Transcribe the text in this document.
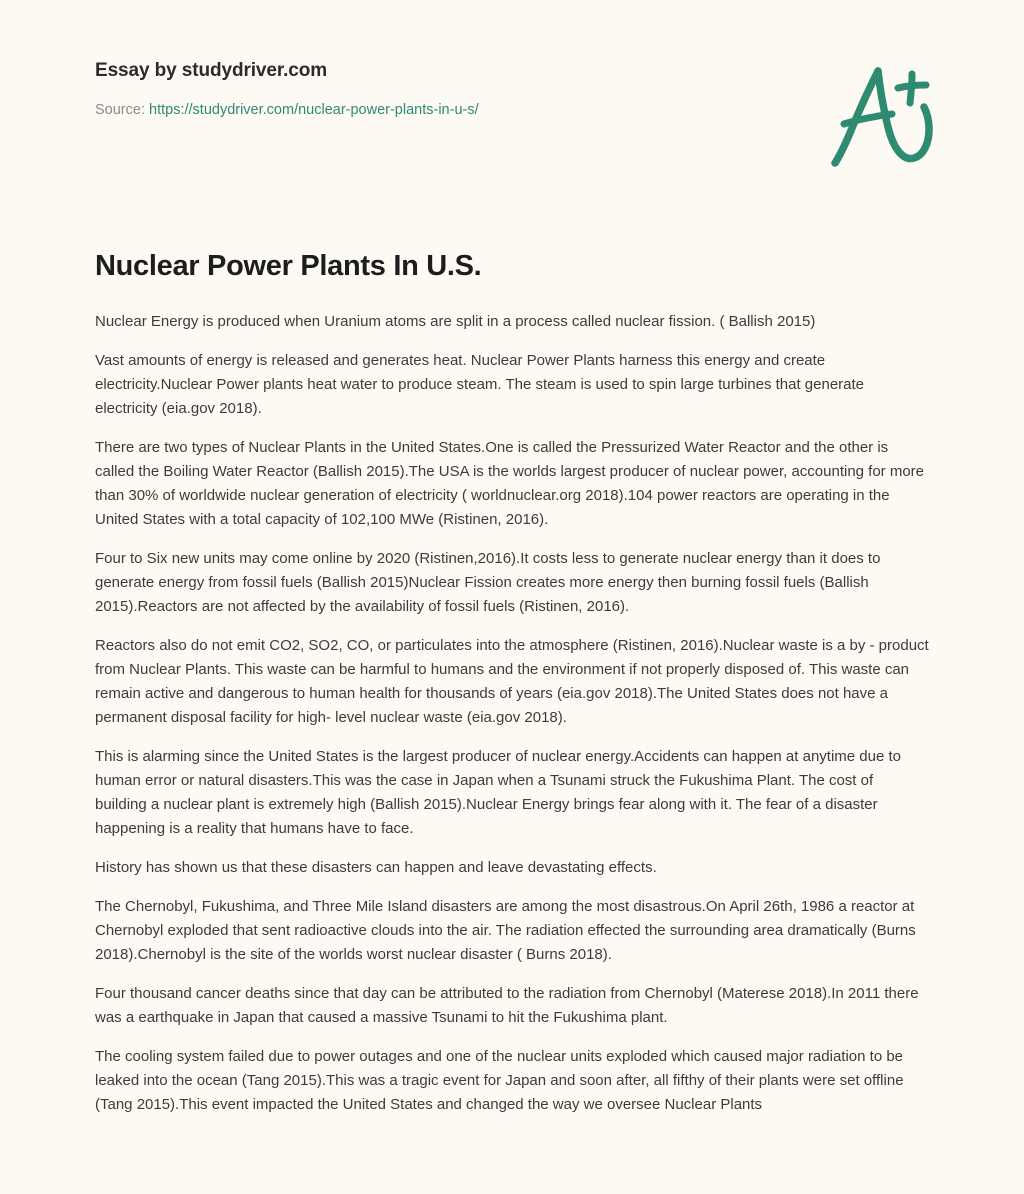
Essay by studydriver.com
Source: https://studydriver.com/nuclear-power-plants-in-u-s/
Nuclear Power Plants In U.S.

Nuclear Energy is produced when Uranium atoms are split in a process called nuclear fission. ( Ballish 2015)

Vast amounts of energy is released and generates heat. Nuclear Power Plants harness this energy and create electricity.Nuclear Power plants heat water to produce steam. The steam is used to spin large turbines that generate electricity (eia.gov 2018).

There are two types of Nuclear Plants in the United States.One is called the Pressurized Water Reactor and the other is called the Boiling Water Reactor (Ballish 2015).The USA is the worlds largest producer of nuclear power, accounting for more than 30% of worldwide nuclear generation of electricity ( worldnuclear.org 2018).104 power reactors are operating in the United States with a total capacity of 102,100 MWe (Ristinen, 2016).

Four to Six new units may come online by 2020 (Ristinen,2016).It costs less to generate nuclear energy than it does to generate energy from fossil fuels (Ballish 2015)Nuclear Fission creates more energy then burning fossil fuels (Ballish 2015).Reactors are not affected by the availability of fossil fuels (Ristinen, 2016).

Reactors also do not emit CO2, SO2, CO, or particulates into the atmosphere (Ristinen, 2016).Nuclear waste is a by - product from Nuclear Plants. This waste can be harmful to humans and the environment if not properly disposed of. This waste can remain active and dangerous to human health for thousands of years (eia.gov 2018).The United States does not have a permanent disposal facility for high- level nuclear waste (eia.gov 2018).

This is alarming since the United States is the largest producer of nuclear energy.Accidents can happen at anytime due to human error or natural disasters.This was the case in Japan when a Tsunami struck the Fukushima Plant. The cost of building a nuclear plant is extremely high (Ballish 2015).Nuclear Energy brings fear along with it. The fear of a disaster happening is a reality that humans have to face.

History has shown us that these disasters can happen and leave devastating effects.

The Chernobyl, Fukushima, and Three Mile Island disasters are among the most disastrous.On April 26th, 1986 a reactor at Chernobyl exploded that sent radioactive clouds into the air. The radiation effected the surrounding area dramatically (Burns 2018).Chernobyl is the site of the worlds worst nuclear disaster ( Burns 2018).

Four thousand cancer deaths since that day can be attributed to the radiation from Chernobyl (Materese 2018).In 2011 there was a earthquake in Japan that caused a massive Tsunami to hit the Fukushima plant.

The cooling system failed due to power outages and one of the nuclear units exploded which caused major radiation to be leaked into the ocean (Tang 2015).This was a tragic event for Japan and soon after, all fifthy of their plants were set offline (Tang 2015).This event impacted the United States and changed the way we oversee Nuclear Plants
